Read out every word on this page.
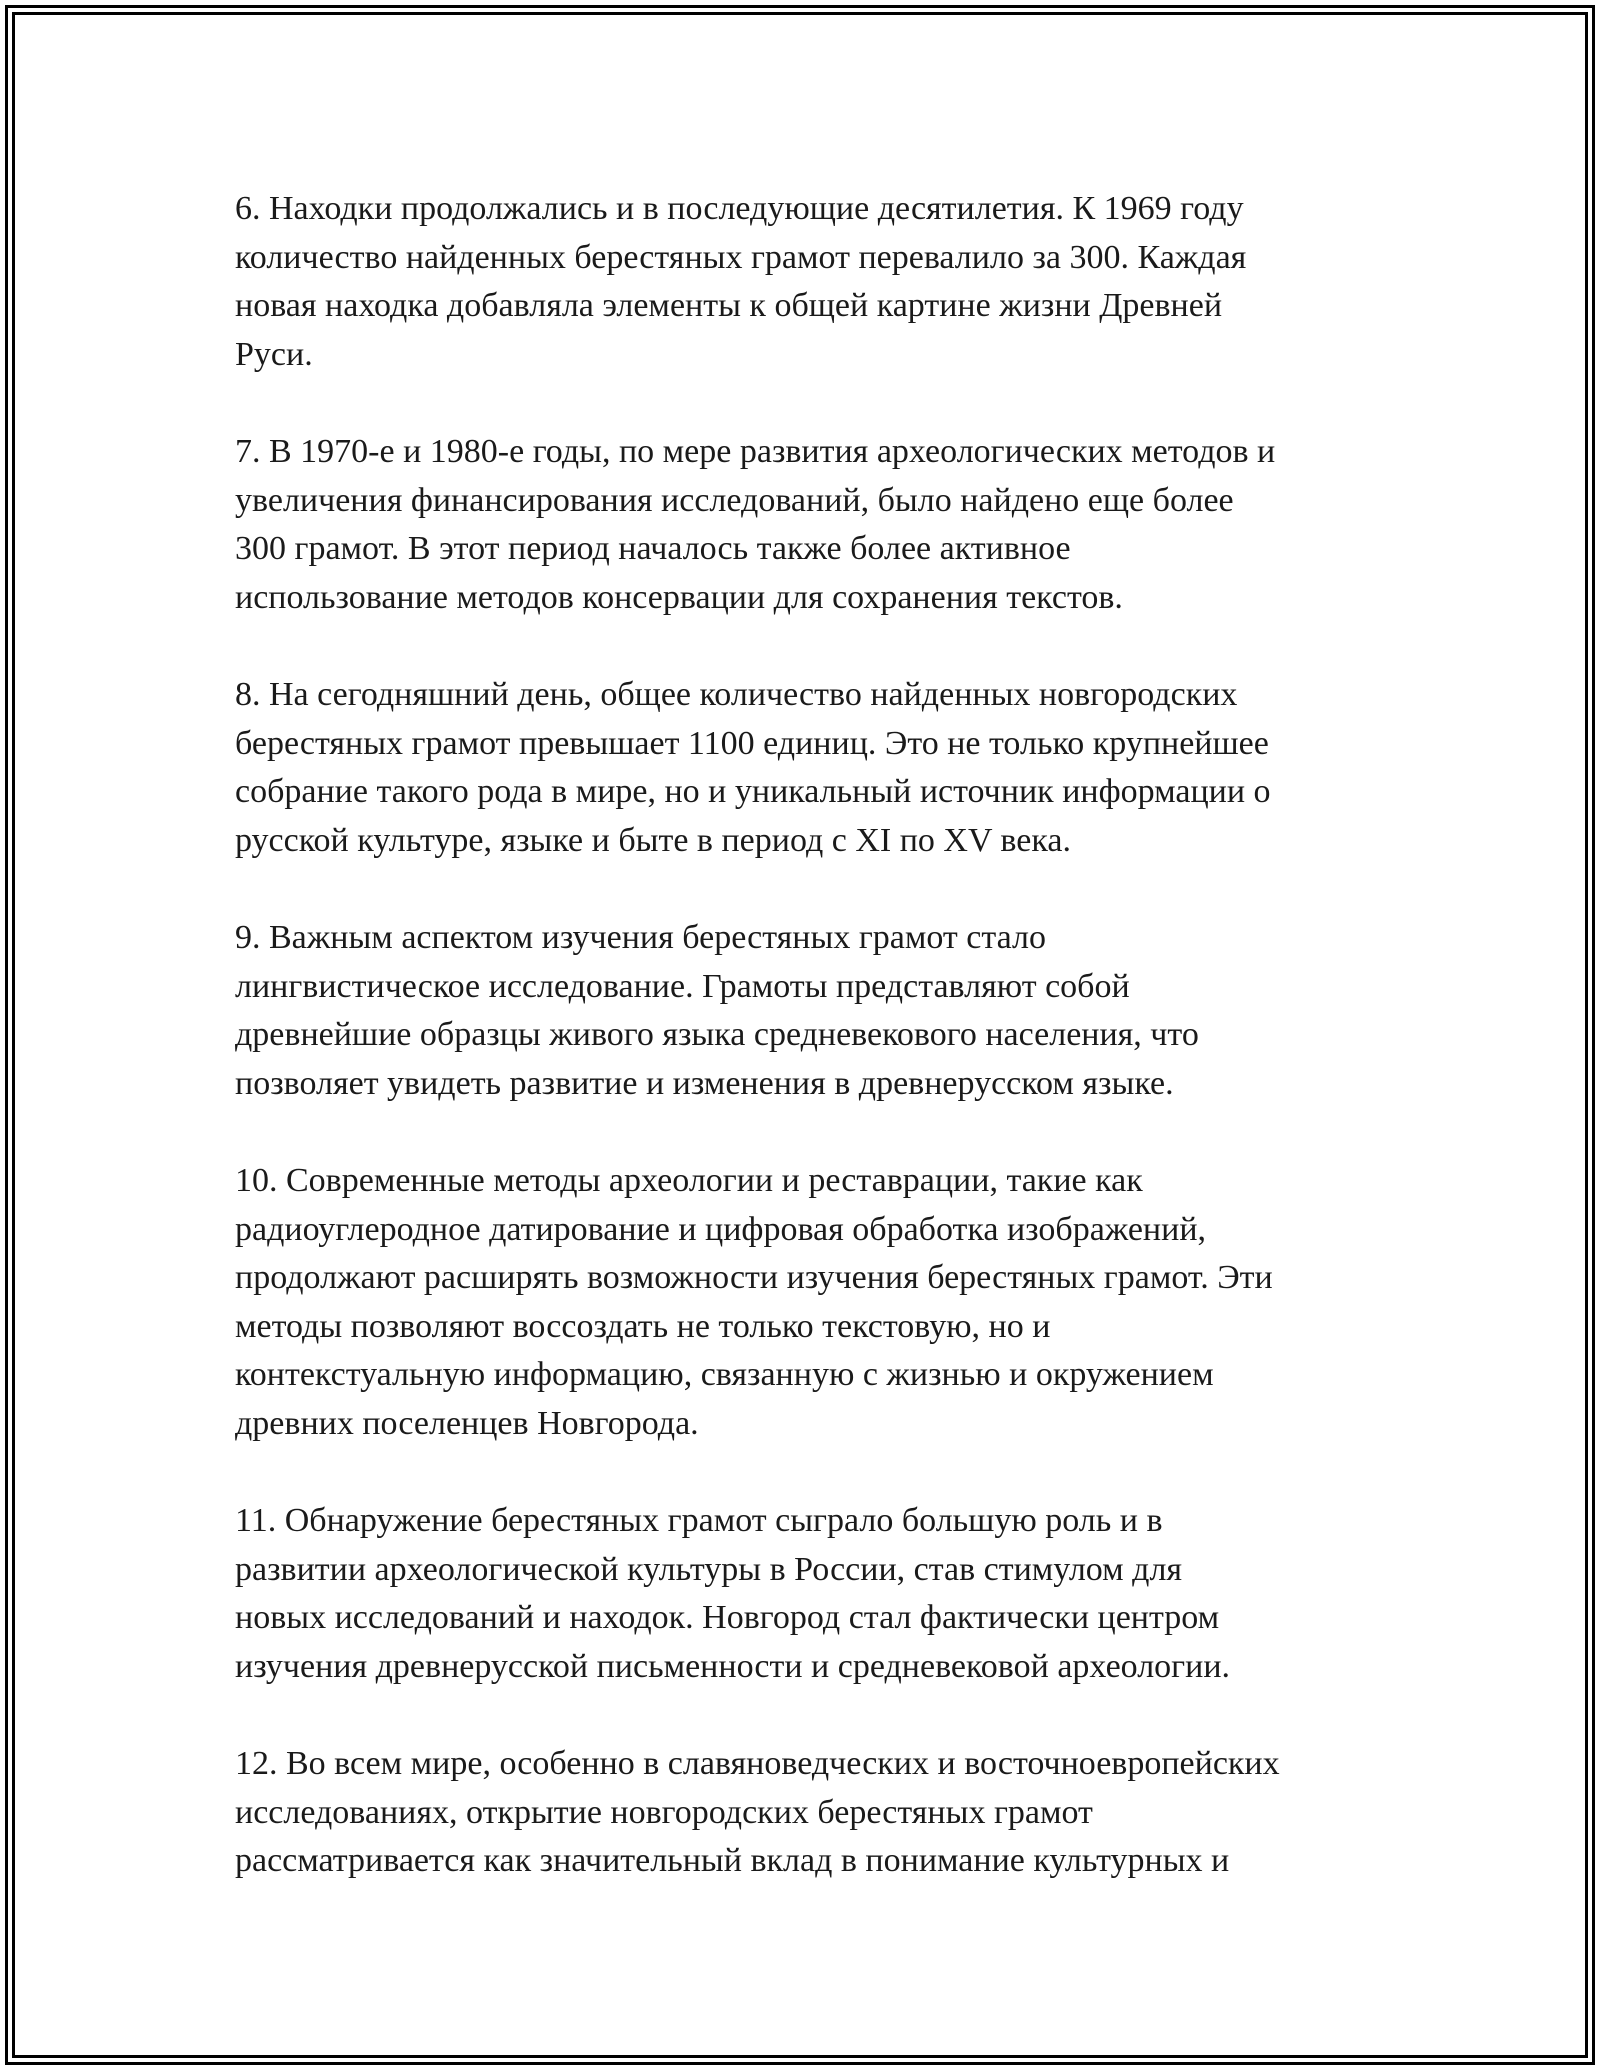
6. Находки продолжались и в последующие десятилетия. К 1969 году
количество найденных берестяных грамот перевалило за 300. Каждая
новая находка добавляла элементы к общей картине жизни Древней
Руси.

7. В 1970-е и 1980-е годы, по мере развития археологических методов и
увеличения финансирования исследований, было найдено еще более
300 грамот. В этот период началось также более активное
использование методов консервации для сохранения текстов.

8. На сегодняшний день, общее количество найденных новгородских
берестяных грамот превышает 1100 единиц. Это не только крупнейшее
собрание такого рода в мире, но и уникальный источник информации о
русской культуре, языке и быте в период с XI по XV века.

9. Важным аспектом изучения берестяных грамот стало
лингвистическое исследование. Грамоты представляют собой
древнейшие образцы живого языка средневекового населения, что
позволяет увидеть развитие и изменения в древнерусском языке.

10. Современные методы археологии и реставрации, такие как
радиоуглеродное датирование и цифровая обработка изображений,
продолжают расширять возможности изучения берестяных грамот. Эти
методы позволяют воссоздать не только текстовую, но и
контекстуальную информацию, связанную с жизнью и окружением
древних поселенцев Новгорода.

11. Обнаружение берестяных грамот сыграло большую роль и в
развитии археологической культуры в России, став стимулом для
новых исследований и находок. Новгород стал фактически центром
изучения древнерусской письменности и средневековой археологии.

12. Во всем мире, особенно в славяноведческих и восточноевропейских
исследованиях, открытие новгородских берестяных грамот
рассматривается как значительный вклад в понимание культурных и
